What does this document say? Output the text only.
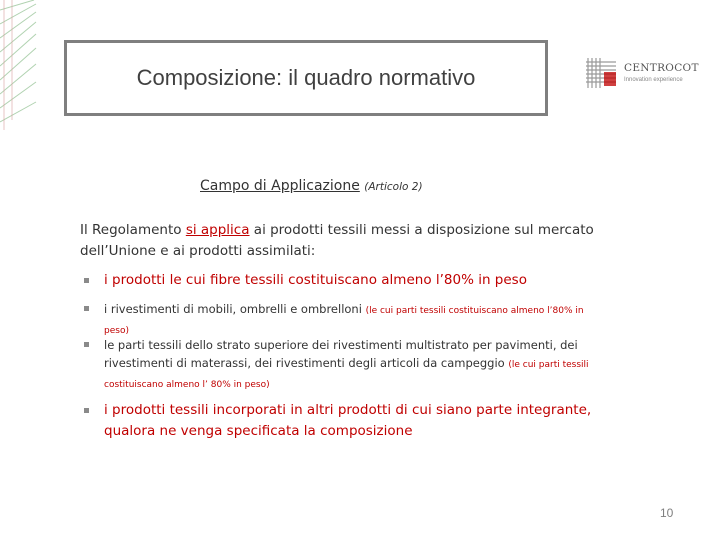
Composizione: il quadro normativo	CENTROCOT
Innovation experience
Campo di Applicazione (Articolo 2)
Il Regolamento si applica ai prodotti tessili messi a disposizione sul mercato dell’Unione e ai prodotti assimilati:
i prodotti le cui fibre tessili costituiscano almeno l’80% in peso
i rivestimenti di mobili, ombrelli e ombrelloni (le cui parti tessili costituiscano almeno l’80% in peso)
le parti tessili dello strato superiore dei rivestimenti multistrato per pavimenti, dei rivestimenti di materassi, dei rivestimenti degli articoli da campeggio (le cui parti tessili costituiscano almeno l’ 80% in peso)
i prodotti tessili incorporati in altri prodotti di cui siano parte integrante, qualora ne venga specificata la composizione
10
